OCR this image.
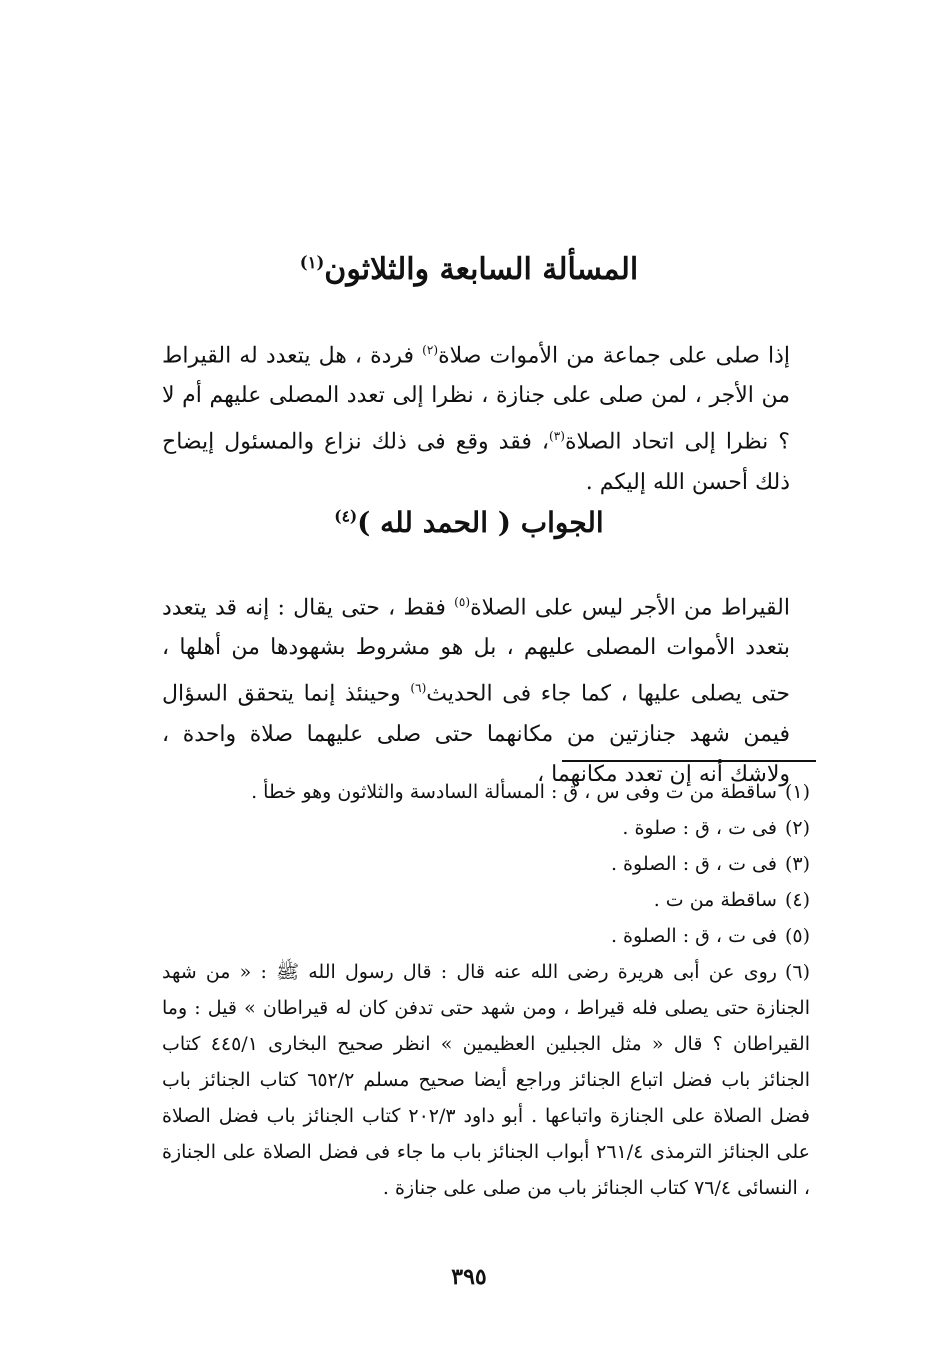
المسألة السابعة والثلاثون$^{(١)}$

إذا صلى على جماعة من الأموات صلاة$^{(٢)}$ فردة ، هل يتعدد له القيراط من الأجر ، لمن صلى على جنازة ، نظرا إلى تعدد المصلى عليهم أم لا ؟ نظرا إلى اتحاد الصلاة$^{(٣)}$، فقد وقع فى ذلك نزاع والمسئول إيضاح ذلك أحسن الله إليكم .

الجواب ( الحمد لله )$^{(٤)}$

القيراط من الأجر ليس على الصلاة$^{(٥)}$ فقط ، حتى يقال : إنه قد يتعدد بتعدد الأموات المصلى عليهم ، بل هو مشروط بشهودها من أهلها ، حتى يصلى عليها ، كما جاء فى الحديث$^{(٦)}$ وحينئذ إنما يتحقق السؤال فيمن شهد جنازتين من مكانهما حتى صلى عليهما صلاة واحدة ، ولاشك أنه إن تعدد مكانهما ،

(١)ساقطة من ت وفى س ، ق : المسألة السادسة والثلاثون وهو خطأ .
(٢)فى ت ، ق : صلوة .
(٣)فى ت ، ق : الصلوة .
(٤)ساقطة من ت .
(٥)فى ت ، ق : الصلوة .
(٦)روى عن أبى هريرة رضى الله عنه قال : قال رسول الله ﷺ : « من شهد الجنازة حتى يصلى فله قيراط ، ومن شهد حتى تدفن كان له قيراطان » قيل : وما القيراطان ؟ قال « مثل الجبلين العظيمين » انظر صحيح البخارى ٤٤٥/١ كتاب الجنائز باب فضل اتباع الجنائز وراجع أيضا صحيح مسلم ٦٥٢/٢ كتاب الجنائز باب فضل الصلاة على الجنازة واتباعها . أبو داود ٢٠٢/٣ كتاب الجنائز باب فضل الصلاة على الجنائز الترمذى ٢٦١/٤ أبواب الجنائز باب ما جاء فى فضل الصلاة على الجنازة ، النسائى ٧٦/٤ كتاب الجنائز باب من صلى على جنازة .
٣٩٥
